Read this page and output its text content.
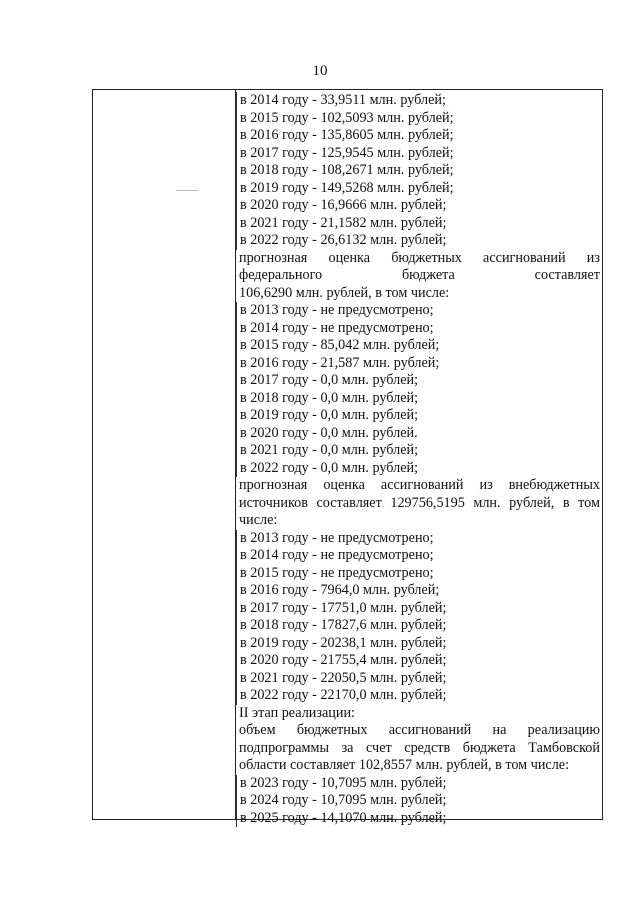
10
в 2014 году - 33,9511 млн. рублей;
в 2015 году - 102,5093 млн. рублей;
в 2016 году - 135,8605 млн. рублей;
в 2017 году - 125,9545 млн. рублей;
в 2018 году - 108,2671 млн. рублей;
в 2019 году - 149,5268 млн. рублей;
в 2020 году - 16,9666 млн. рублей;
в 2021 году - 21,1582 млн. рублей;
в 2022 году - 26,6132 млн. рублей;
прогнозная оценка бюджетных ассигнований из
федерального	бюджета	составляет
106,6290 млн. рублей, в том числе:
в 2013 году - не предусмотрено;
в 2014 году - не предусмотрено;
в 2015 году - 85,042 млн. рублей;
в 2016 году - 21,587 млн. рублей;
в 2017 году - 0,0 млн. рублей;
в 2018 году - 0,0 млн. рублей;
в 2019 году - 0,0 млн. рублей;
в 2020 году - 0,0 млн. рублей.
в 2021 году - 0,0 млн. рублей;
в 2022 году - 0,0 млн. рублей;
прогнозная оценка ассигнований из внебюджетных
источников составляет 129756,5195 млн. рублей, в том
числе:
в 2013 году - не предусмотрено;
в 2014 году - не предусмотрено;
в 2015 году - не предусмотрено;
в 2016 году - 7964,0 млн. рублей;
в 2017 году - 17751,0 млн. рублей;
в 2018 году - 17827,6 млн. рублей;
в 2019 году - 20238,1 млн. рублей;
в 2020 году - 21755,4 млн. рублей;
в 2021 году - 22050,5 млн. рублей;
в 2022 году - 22170,0 млн. рублей;
II этап реализации:
объем бюджетных ассигнований на реализацию
подпрограммы за счет средств бюджета Тамбовской
области составляет 102,8557 млн. рублей, в том числе:
в 2023 году - 10,7095 млн. рублей;
в 2024 году - 10,7095 млн. рублей;
в 2025 году - 14,1070 млн. рублей;
